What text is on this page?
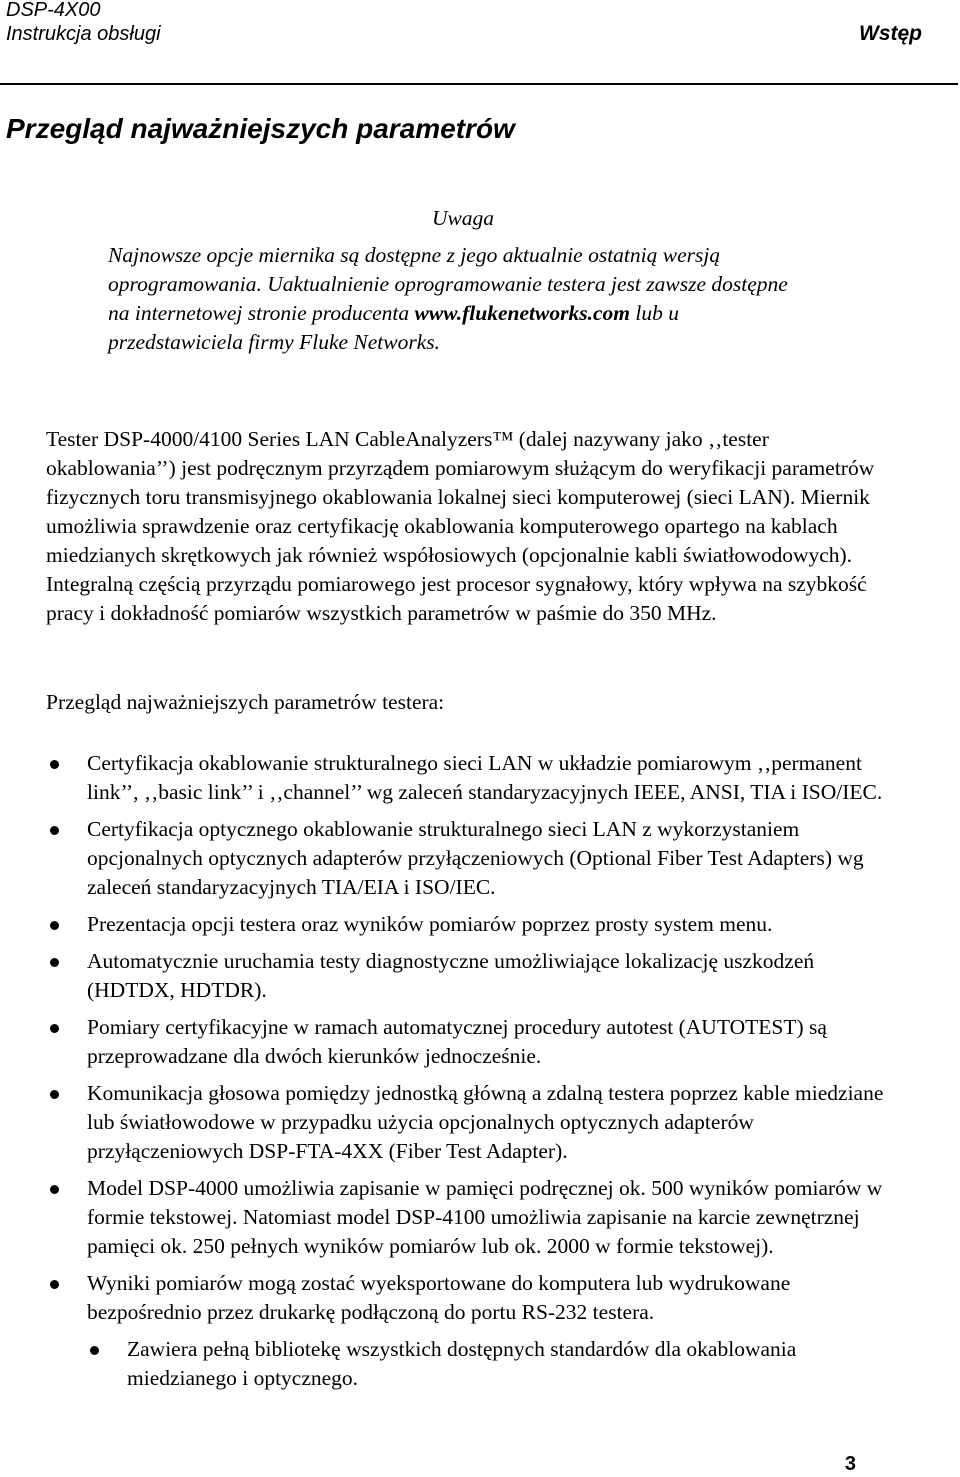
DSP-4X00
Instrukcja obsługi	Wstęp
Przegląd najważniejszych parametrów
Uwaga

Najnowsze opcje miernika są dostępne z jego aktualnie ostatnią wersją oprogramowania. Uaktualnienie oprogramowanie testera jest zawsze dostępne na internetowej stronie producenta www.flukenetworks.com lub u przedstawiciela firmy Fluke Networks.

Tester DSP-4000/4100 Series LAN CableAnalyzers™ (dalej nazywany jako ‚‚tester okablowania’’) jest podręcznym przyrządem pomiarowym służącym do weryfikacji parametrów fizycznych toru transmisyjnego okablowania lokalnej sieci komputerowej (sieci LAN). Miernik umożliwia sprawdzenie oraz certyfikację okablowania komputerowego opartego na kablach miedzianych skrętkowych jak również współosiowych (opcjonalnie kabli światłowodowych). Integralną częścią przyrządu pomiarowego jest procesor sygnałowy, który wpływa na szybkość pracy i dokładność pomiarów wszystkich parametrów w paśmie do 350 MHz.

Przegląd najważniejszych parametrów testera:

Certyfikacja okablowanie strukturalnego sieci LAN w układzie pomiarowym ‚‚permanent link’’, ‚‚basic link’’ i ‚‚channel’’ wg zaleceń standaryzacyjnych IEEE, ANSI, TIA i ISO/IEC.
Certyfikacja optycznego okablowanie strukturalnego sieci LAN z wykorzystaniem opcjonalnych optycznych adapterów przyłączeniowych (Optional Fiber Test Adapters) wg zaleceń standaryzacyjnych TIA/EIA i ISO/IEC.
Prezentacja opcji testera oraz wyników pomiarów poprzez prosty system menu.
Automatycznie uruchamia testy diagnostyczne umożliwiające lokalizację uszkodzeń (HDTDX, HDTDR).
Pomiary certyfikacyjne w ramach automatycznej procedury autotest (AUTOTEST) są przeprowadzane dla dwóch kierunków jednocześnie.
Komunikacja głosowa pomiędzy jednostką główną a zdalną testera poprzez kable miedziane lub światłowodowe w przypadku użycia opcjonalnych optycznych adapterów przyłączeniowych DSP-FTA-4XX (Fiber Test Adapter).
Model DSP-4000 umożliwia zapisanie w pamięci podręcznej ok. 500 wyników pomiarów w formie tekstowej. Natomiast model DSP-4100 umożliwia zapisanie na karcie zewnętrznej pamięci ok. 250 pełnych wyników pomiarów lub ok. 2000 w formie tekstowej).
Wyniki pomiarów mogą zostać wyeksportowane do komputera lub wydrukowane bezpośrednio przez drukarkę podłączoną do portu RS-232 testera.
Zawiera pełną bibliotekę wszystkich dostępnych standardów dla okablowania miedzianego i optycznego.
3
